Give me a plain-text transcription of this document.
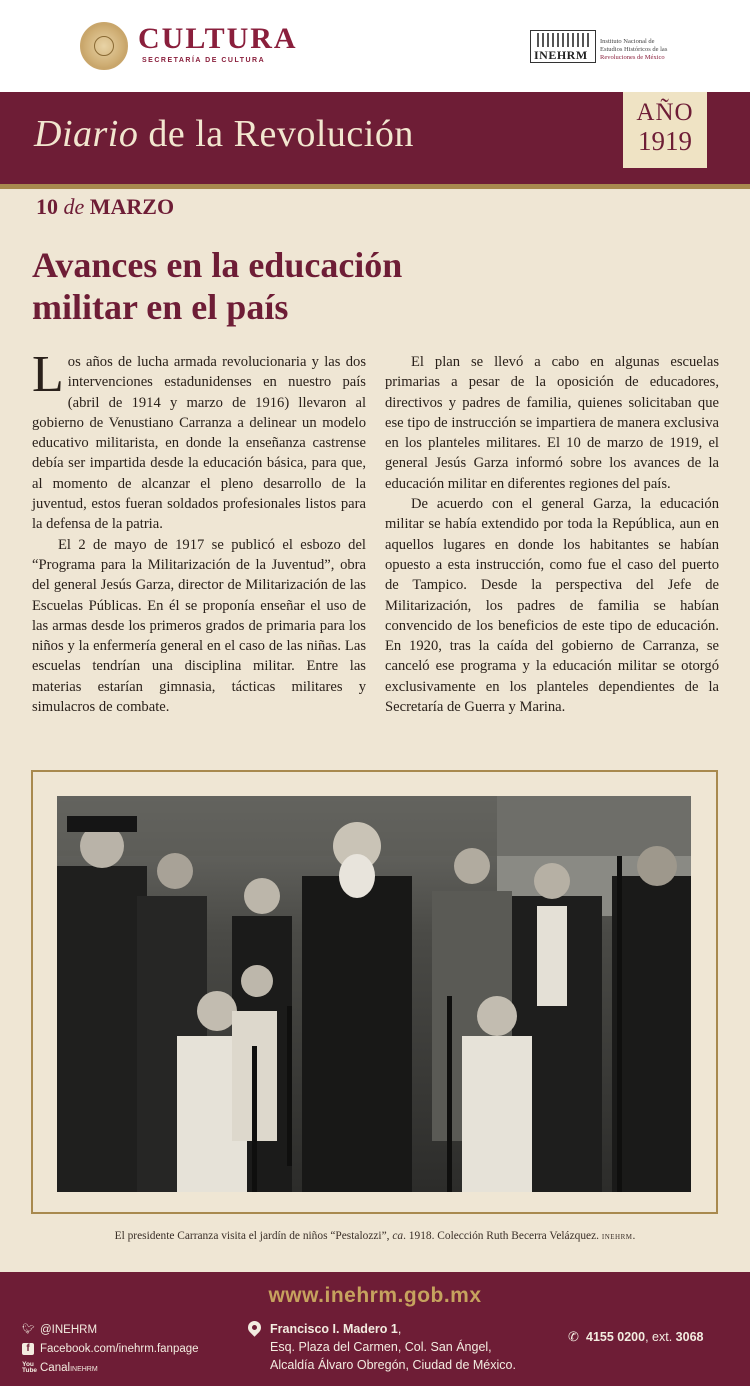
CULTURA
SECRETARÍA DE CULTURA	INEHRM
Instituto Nacional de
Estudios Históricos de las
Revoluciones de México
Diario de la Revolución
AÑO
1919
10 de MARZO
Avances en la educación
militar en el país

Los años de lucha armada revolucionaria y las dos intervenciones estadunidenses en nuestro país (abril de 1914 y marzo de 1916) llevaron al gobierno de Venustiano Carranza a delinear un modelo educativo militarista, en donde la enseñanza castrense debía ser impartida desde la educación básica, para que, al momento de alcanzar el pleno desarrollo de la juventud, estos fueran soldados profesionales listos para la defensa de la patria.

El 2 de mayo de 1917 se publicó el esbozo del “Programa para la Militarización de la Juventud”, obra del general Jesús Garza, director de Militarización de las Escuelas Públicas. En él se proponía enseñar el uso de las armas desde los primeros grados de primaria para los niños y la enfermería general en el caso de las niñas. Las escuelas tendrían una disciplina militar. Entre las materias estarían gimnasia, tácticas militares y simulacros de combate.

El plan se llevó a cabo en algunas escuelas primarias a pesar de la oposición de educadores, directivos y padres de familia, quienes solicitaban que ese tipo de instrucción se impartiera de manera exclusiva en los planteles militares. El 10 de marzo de 1919, el general Jesús Garza informó sobre los avances de la educación militar en diferentes regiones del país.

De acuerdo con el general Garza, la educación militar se había extendido por toda la República, aun en aquellos lugares en donde los habitantes se habían opuesto a esta instrucción, como fue el caso del puerto de Tampico. Desde la perspectiva del Jefe de Militarización, los padres de familia se habían convencido de los beneficios de este tipo de educación. En 1920, tras la caída del gobierno de Carranza, se canceló ese programa y la educación militar se otorgó exclusivamente en los planteles dependientes de la Secretaría de Guerra y Marina.

El presidente Carranza visita el jardín de niños “Pestalozzi”, ca. 1918. Colección Ruth Becerra Velázquez. inehrm.
www.inehrm.gob.mx
🐦︎ @INEHRM
f Facebook.com/inehrm.fanpage
You Tube Canal inehrm
Francisco I. Madero 1,
Esq. Plaza del Carmen, Col. San Ángel,
Alcaldía Álvaro Obregón, Ciudad de México.
✆ 4155 0200, ext. 3068
